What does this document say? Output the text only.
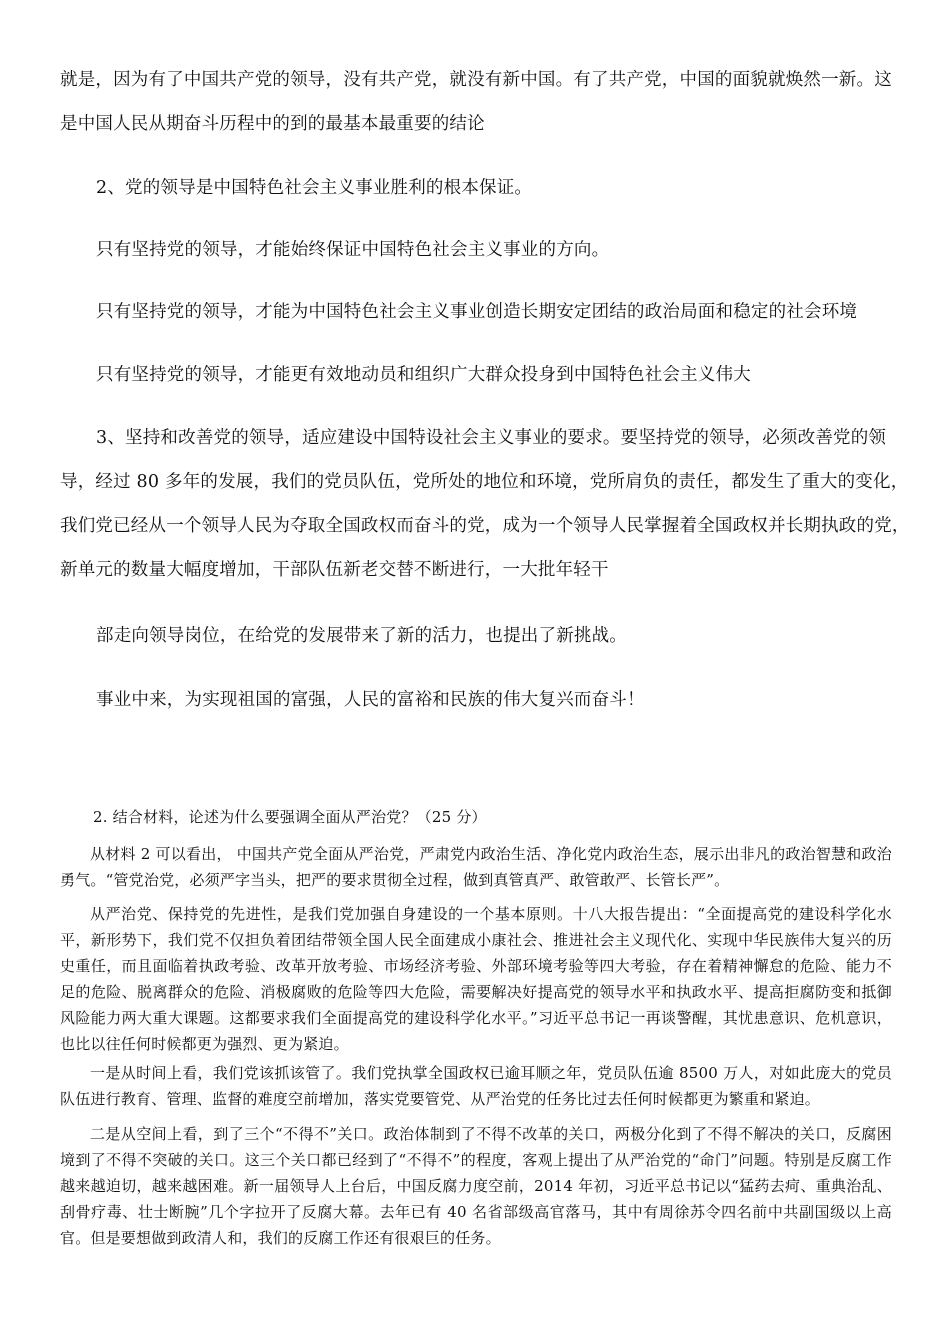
就是，因为有了中国共产党的领导，没有共产党，就没有新中国。有了共产党，中国的面貌就焕然一新。这

是中国人民从期奋斗历程中的到的最基本最重要的结论

2、党的领导是中国特色社会主义事业胜利的根本保证。

只有坚持党的领导，才能始终保证中国特色社会主义事业的方向。

只有坚持党的领导，才能为中国特色社会主义事业创造长期安定团结的政治局面和稳定的社会环境

只有坚持党的领导，才能更有效地动员和组织广大群众投身到中国特色社会主义伟大

3、坚持和改善党的领导，适应建设中国特设社会主义事业的要求。要坚持党的领导，必须改善党的领

导，经过 80 多年的发展，我们的党员队伍，党所处的地位和环境，党所肩负的责任，都发生了重大的变化，

我们党已经从一个领导人民为夺取全国政权而奋斗的党，成为一个领导人民掌握着全国政权并长期执政的党，

新单元的数量大幅度增加，干部队伍新老交替不断进行，一大批年轻干

部走向领导岗位，在给党的发展带来了新的活力，也提出了新挑战。

事业中来，为实现祖国的富强，人民的富裕和民族的伟大复兴而奋斗！

2. 结合材料，论述为什么要强调全面从严治党？（25 分）

从材料 2 可以看出， 中国共产党全面从严治党，严肃党内政治生活、净化党内政治生态，展示出非凡的政治智慧和政治勇气。“管党治党，必须严字当头，把严的要求贯彻全过程，做到真管真严、敢管敢严、长管长严”。

从严治党、保持党的先进性，是我们党加强自身建设的一个基本原则。十八大报告提出：“全面提高党的建设科学化水平，新形势下，我们党不仅担负着团结带领全国人民全面建成小康社会、推进社会主义现代化、实现中华民族伟大复兴的历史重任，而且面临着执政考验、改革开放考验、市场经济考验、外部环境考验等四大考验，存在着精神懈怠的危险、能力不足的危险、脱离群众的危险、消极腐败的危险等四大危险，需要解决好提高党的领导水平和执政水平、提高拒腐防变和抵御风险能力两大重大课题。这都要求我们全面提高党的建设科学化水平。”习近平总书记一再谈警醒，其忧患意识、危机意识，也比以往任何时候都更为强烈、更为紧迫。

一是从时间上看，我们党该抓该管了。我们党执掌全国政权已逾耳顺之年，党员队伍逾 8500 万人，对如此庞大的党员队伍进行教育、管理、监督的难度空前增加，落实党要管党、从严治党的任务比过去任何时候都更为繁重和紧迫。

二是从空间上看，到了三个“不得不”关口。政治体制到了不得不改革的关口，两极分化到了不得不解决的关口，反腐困境到了不得不突破的关口。这三个关口都已经到了“不得不”的程度，客观上提出了从严治党的“命门”问题。特别是反腐工作越来越迫切，越来越困难。新一届领导人上台后，中国反腐力度空前，2014 年初，习近平总书记以“猛药去疴、重典治乱、刮骨疗毒、壮士断腕”几个字拉开了反腐大幕。去年已有 40 名省部级高官落马，其中有周徐苏令四名前中共副国级以上高官。但是要想做到政清人和，我们的反腐工作还有很艰巨的任务。
